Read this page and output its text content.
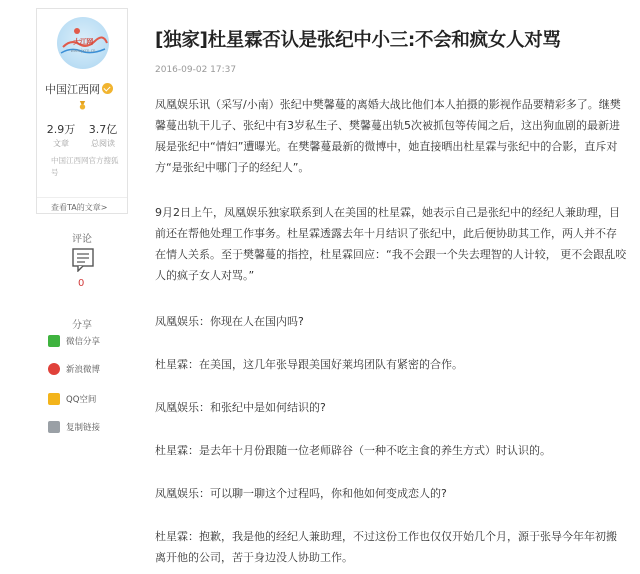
大江网
www.jxcn.cn
中国江西网
2.9万
文章
3.7亿
总阅读
中国江西网官方搜狐号
查看TA的文章>
评论
0
分享
微信分享
新浪微博
QQ空间
复制链接
[独家]杜星霖否认是张纪中小三:不会和疯女人对骂
2016-09-02 17:37

凤凰娱乐讯（采写/小南）张纪中樊馨蔓的离婚大战比他们本人拍摄的影视作品要精彩多了。继樊馨蔓出轨干儿子、张纪中有3岁私生子、樊馨蔓出轨5次被抓包等传闻之后，这出狗血剧的最新进展是张纪中“情妇”遭曝光。在樊馨蔓最新的微博中，她直接晒出杜星霖与张纪中的合影，直斥对方“是张纪中哪门子的经纪人”。

9月2日上午，凤凰娱乐独家联系到人在美国的杜星霖，她表示自己是张纪中的经纪人兼助理，目前还在帮他处理工作事务。杜星霖透露去年十月结识了张纪中，此后便协助其工作，两人并不存在情人关系。至于樊馨蔓的指控，杜星霖回应：“我不会跟一个失去理智的人计较， 更不会跟乱咬人的疯子女人对骂。”

凤凰娱乐：你现在人在国内吗?

杜星霖：在美国，这几年张导跟美国好莱坞团队有紧密的合作。

凤凰娱乐：和张纪中是如何结识的?

杜星霖：是去年十月份跟随一位老师辟谷（一种不吃主食的养生方式）时认识的。

凤凰娱乐：可以聊一聊这个过程吗，你和他如何变成恋人的?

杜星霖：抱歉，我是他的经纪人兼助理，不过这份工作也仅仅开始几个月，源于张导今年年初搬离开他的公司，苦于身边没人协助工作。
